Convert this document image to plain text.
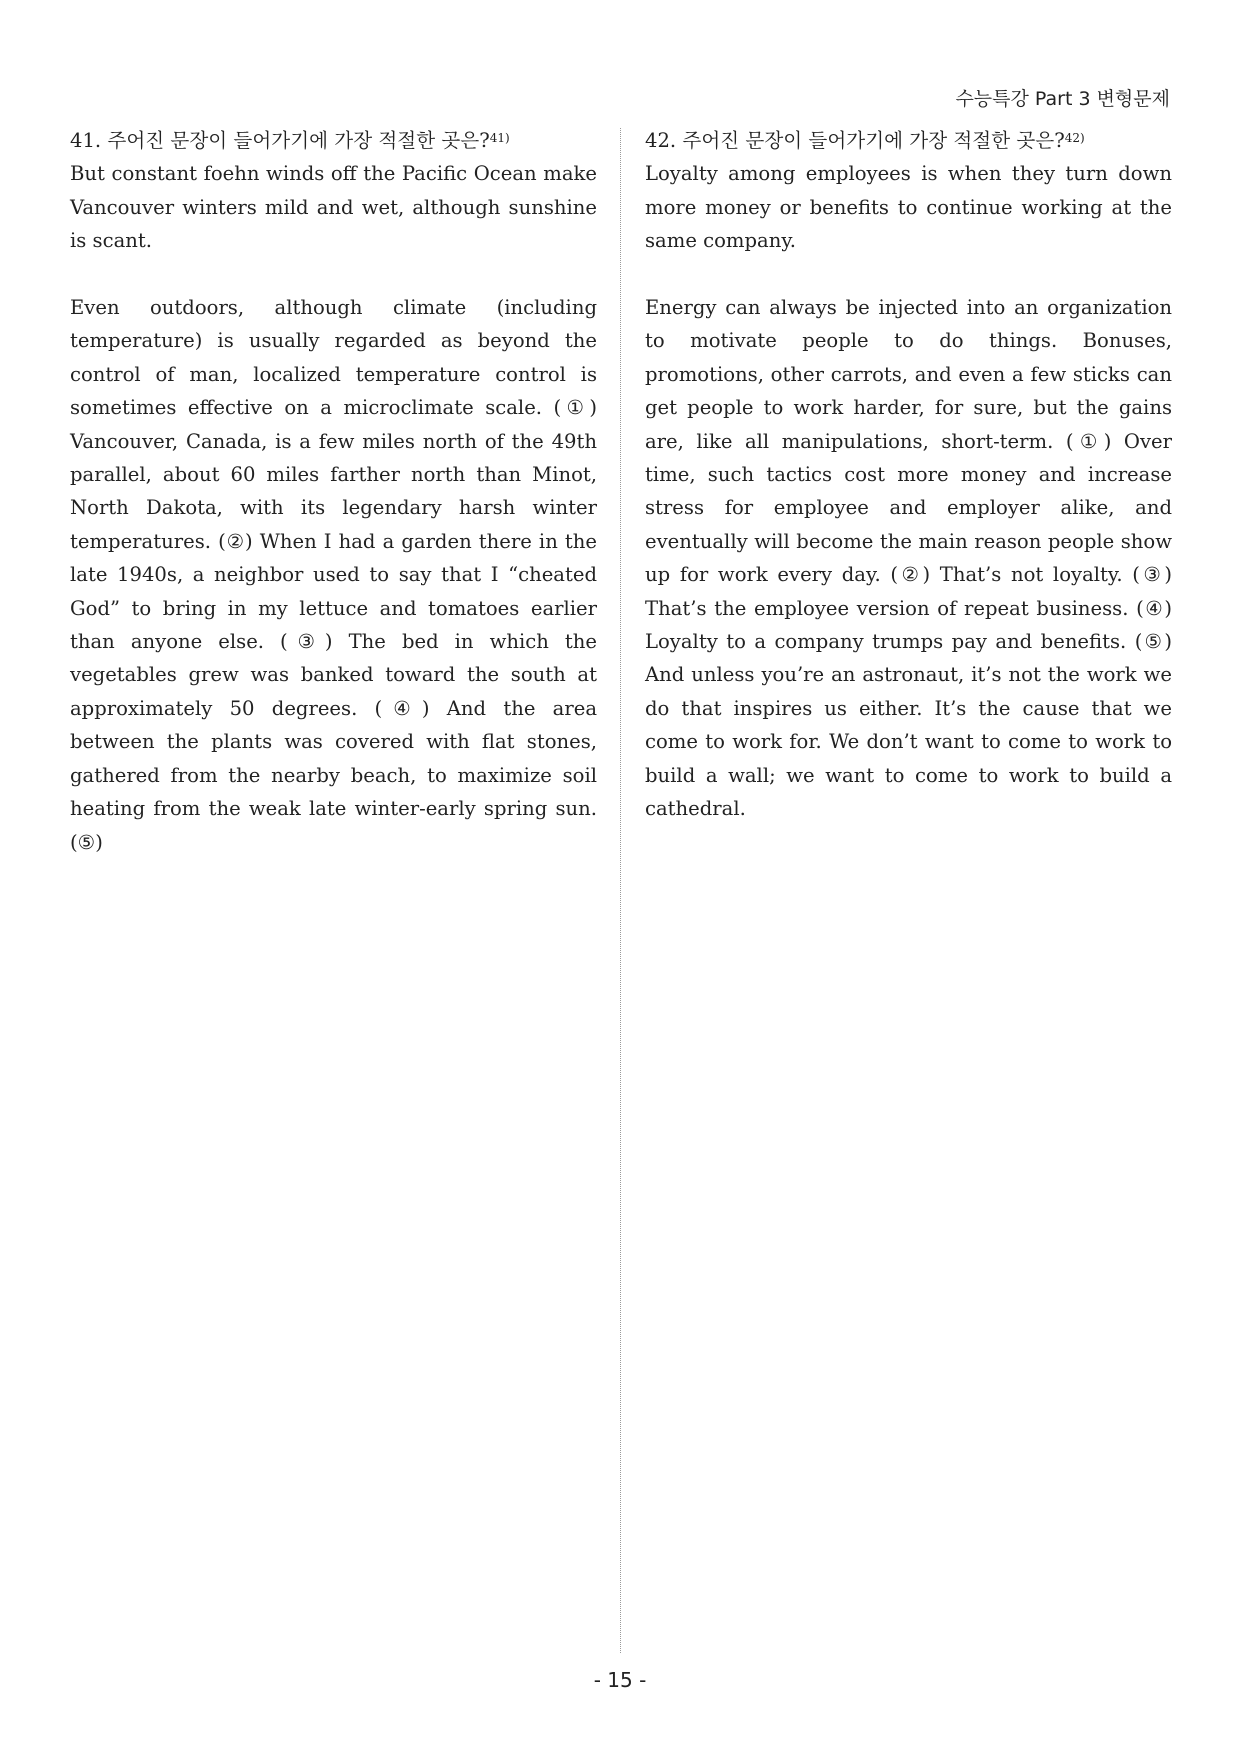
수능특강 Part 3 변형문제

41. 주어진 문장이 들어가기에 가장 적절한 곳은?$^{41)}$

But constant foehn winds off the Pacific Ocean make Vancouver winters mild and wet, although sunshine is scant.

Even outdoors, although climate (including temperature) is usually regarded as beyond the control of man, localized temperature control is sometimes effective on a microclimate scale. (①) Vancouver, Canada, is a few miles north of the 49th parallel, about 60 miles farther north than Minot, North Dakota, with its legendary harsh winter temperatures. (②) When I had a garden there in the late 1940s, a neighbor used to say that I “cheated God” to bring in my lettuce and tomatoes earlier than anyone else. (③) The bed in which the vegetables grew was banked toward the south at approximately 50 degrees. (④) And the area between the plants was covered with flat stones, gathered from the nearby beach, to maximize soil heating from the weak late winter-early spring sun. (⑤)

42. 주어진 문장이 들어가기에 가장 적절한 곳은?$^{42)}$

Loyalty among employees is when they turn down more money or benefits to continue working at the same company.

Energy can always be injected into an organization to motivate people to do things. Bonuses, promotions, other carrots, and even a few sticks can get people to work harder, for sure, but the gains are, like all manipulations, short-term. (①) Over time, such tactics cost more money and increase stress for employee and employer alike, and eventually will become the main reason people show up for work every day. (②) That’s not loyalty. (③) That’s the employee version of repeat business. (④) Loyalty to a company trumps pay and benefits. (⑤) And unless you’re an astronaut, it’s not the work we do that inspires us either. It’s the cause that we come to work for. We don’t want to come to work to build a wall; we want to come to work to build a cathedral.

- 15 -
